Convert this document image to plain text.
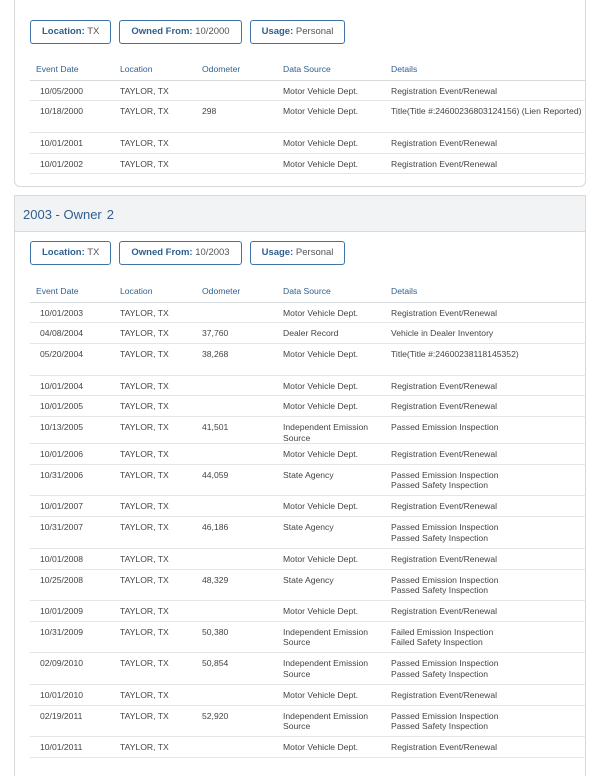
Location: TX	Owned From: 10/2000	Usage: Personal
Event Date	Location	Odometer	Data Source	Details
10/05/2000	TAYLOR, TX		Motor Vehicle Dept.	Registration Event/Renewal
10/18/2000	TAYLOR, TX	298	Motor Vehicle Dept.	Title(Title #:24600236803124156) (Lien Reported)
10/01/2001	TAYLOR, TX		Motor Vehicle Dept.	Registration Event/Renewal
10/01/2002	TAYLOR, TX		Motor Vehicle Dept.	Registration Event/Renewal
2003 - Owner 2
Location: TX	Owned From: 10/2003	Usage: Personal
Event Date	Location	Odometer	Data Source	Details
10/01/2003	TAYLOR, TX		Motor Vehicle Dept.	Registration Event/Renewal
04/08/2004	TAYLOR, TX	37,760	Dealer Record	Vehicle in Dealer Inventory
05/20/2004	TAYLOR, TX	38,268	Motor Vehicle Dept.	Title(Title #:24600238118145352)
10/01/2004	TAYLOR, TX		Motor Vehicle Dept.	Registration Event/Renewal
10/01/2005	TAYLOR, TX		Motor Vehicle Dept.	Registration Event/Renewal
10/13/2005	TAYLOR, TX	41,501	Independent Emission Source	Passed Emission Inspection
10/01/2006	TAYLOR, TX		Motor Vehicle Dept.	Registration Event/Renewal
10/31/2006	TAYLOR, TX	44,059	State Agency	Passed Emission Inspection
Passed Safety Inspection
10/01/2007	TAYLOR, TX		Motor Vehicle Dept.	Registration Event/Renewal
10/31/2007	TAYLOR, TX	46,186	State Agency	Passed Emission Inspection
Passed Safety Inspection
10/01/2008	TAYLOR, TX		Motor Vehicle Dept.	Registration Event/Renewal
10/25/2008	TAYLOR, TX	48,329	State Agency	Passed Emission Inspection
Passed Safety Inspection
10/01/2009	TAYLOR, TX		Motor Vehicle Dept.	Registration Event/Renewal
10/31/2009	TAYLOR, TX	50,380	Independent Emission Source	Failed Emission Inspection
Failed Safety Inspection
02/09/2010	TAYLOR, TX	50,854	Independent Emission Source	Passed Emission Inspection
Passed Safety Inspection
10/01/2010	TAYLOR, TX		Motor Vehicle Dept.	Registration Event/Renewal
02/19/2011	TAYLOR, TX	52,920	Independent Emission Source	Passed Emission Inspection
Passed Safety Inspection
10/01/2011	TAYLOR, TX		Motor Vehicle Dept.	Registration Event/Renewal
